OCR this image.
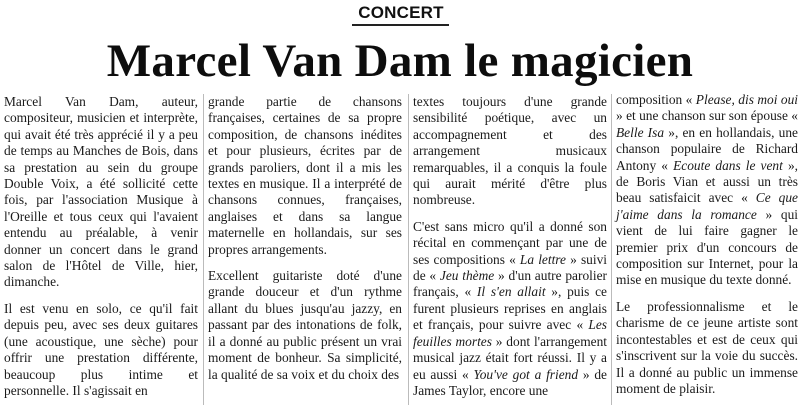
CONCERT
Marcel Van Dam le magicien

Marcel Van Dam, auteur, compositeur, musicien et interprète, qui avait été très apprécié il y a peu de temps au Manches de Bois, dans sa prestation au sein du groupe Double Voix, a été sollicité cette fois, par l'association Musique à l'Oreille et tous ceux qui l'avaient entendu au préalable, à venir donner un concert dans le grand salon de l'Hôtel de Ville, hier, dimanche.

Il est venu en solo, ce qu'il fait depuis peu, avec ses deux guitares (une acoustique, une sèche) pour offrir une prestation différente, beaucoup plus intime et personnelle. Il s'agissait en

grande partie de chansons françaises, certaines de sa propre composition, de chansons inédites et pour plusieurs, écrites par de grands paroliers, dont il a mis les textes en musique. Il a interprété de chansons connues, françaises, anglaises et dans sa langue maternelle en hollandais, sur ses propres arrangements.

Excellent guitariste doté d'une grande douceur et d'un rythme allant du blues jusqu'au jazzy, en passant par des intonations de folk, il a donné au public présent un vrai moment de bonheur. Sa simplicité, la qualité de sa voix et du choix des

textes toujours d'une grande sensibilité poétique, avec un accompagnement et des arrangement musicaux remarquables, il a conquis la foule qui aurait mérité d'être plus nombreuse.

C'est sans micro qu'il a donné son récital en commençant par une de ses compositions « La lettre » suivi de « Jeu thème » d'un autre parolier français, « Il s'en allait », puis ce furent plusieurs reprises en anglais et français, pour suivre avec « Les feuilles mortes » dont l'arrangement musical jazz était fort réussi. Il y a eu aussi « You've got a friend » de James Taylor, encore une

composition « Please, dis moi oui » et une chanson sur son épouse « Belle Isa », en en hollandais, une chanson populaire de Richard Antony « Ecoute dans le vent », de Boris Vian et aussi un très beau satisfaicit avec « Ce que j'aime dans la romance » qui vient de lui faire gagner le premier prix d'un concours de composition sur Internet, pour la mise en musique du texte donné.

Le professionnalisme et le charisme de ce jeune artiste sont incontestables et est de ceux qui s'inscrivent sur la voie du succès. Il a donné au public un immense moment de plaisir.
